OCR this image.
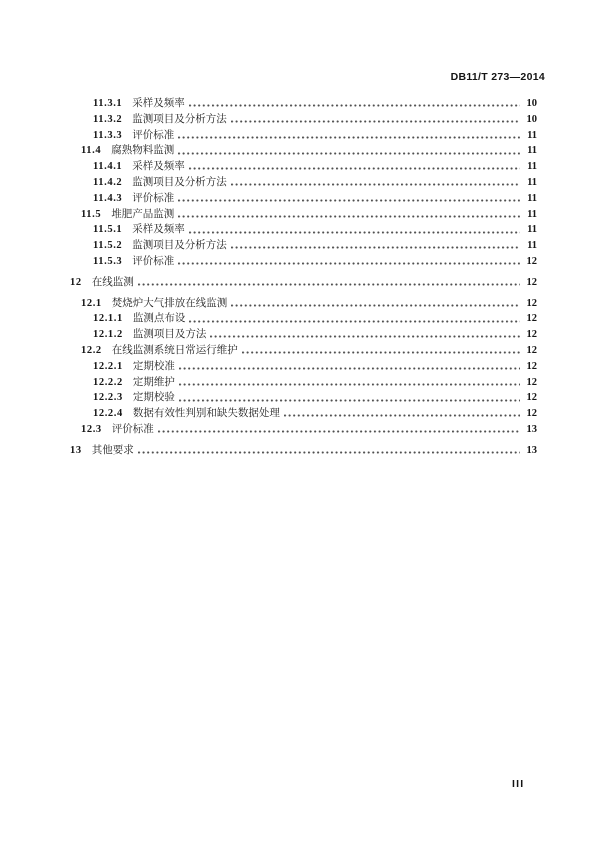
DB11/T 273—2014
11.3.1 采样及频率	10
11.3.2 监测项目及分析方法	10
11.3.3 评价标准	11
11.4 腐熟物料监测	11
11.4.1 采样及频率	11
11.4.2 监测项目及分析方法	11
11.4.3 评价标准	11
11.5 堆肥产品监测	11
11.5.1 采样及频率	11
11.5.2 监测项目及分析方法	11
11.5.3 评价标准	12
12 在线监测	12
12.1 焚烧炉大气排放在线监测	12
12.1.1 监测点布设	12
12.1.2 监测项目及方法	12
12.2 在线监测系统日常运行维护	12
12.2.1 定期校准	12
12.2.2 定期维护	12
12.2.3 定期校验	12
12.2.4 数据有效性判别和缺失数据处理	12
12.3 评价标准	13
13 其他要求	13
III
